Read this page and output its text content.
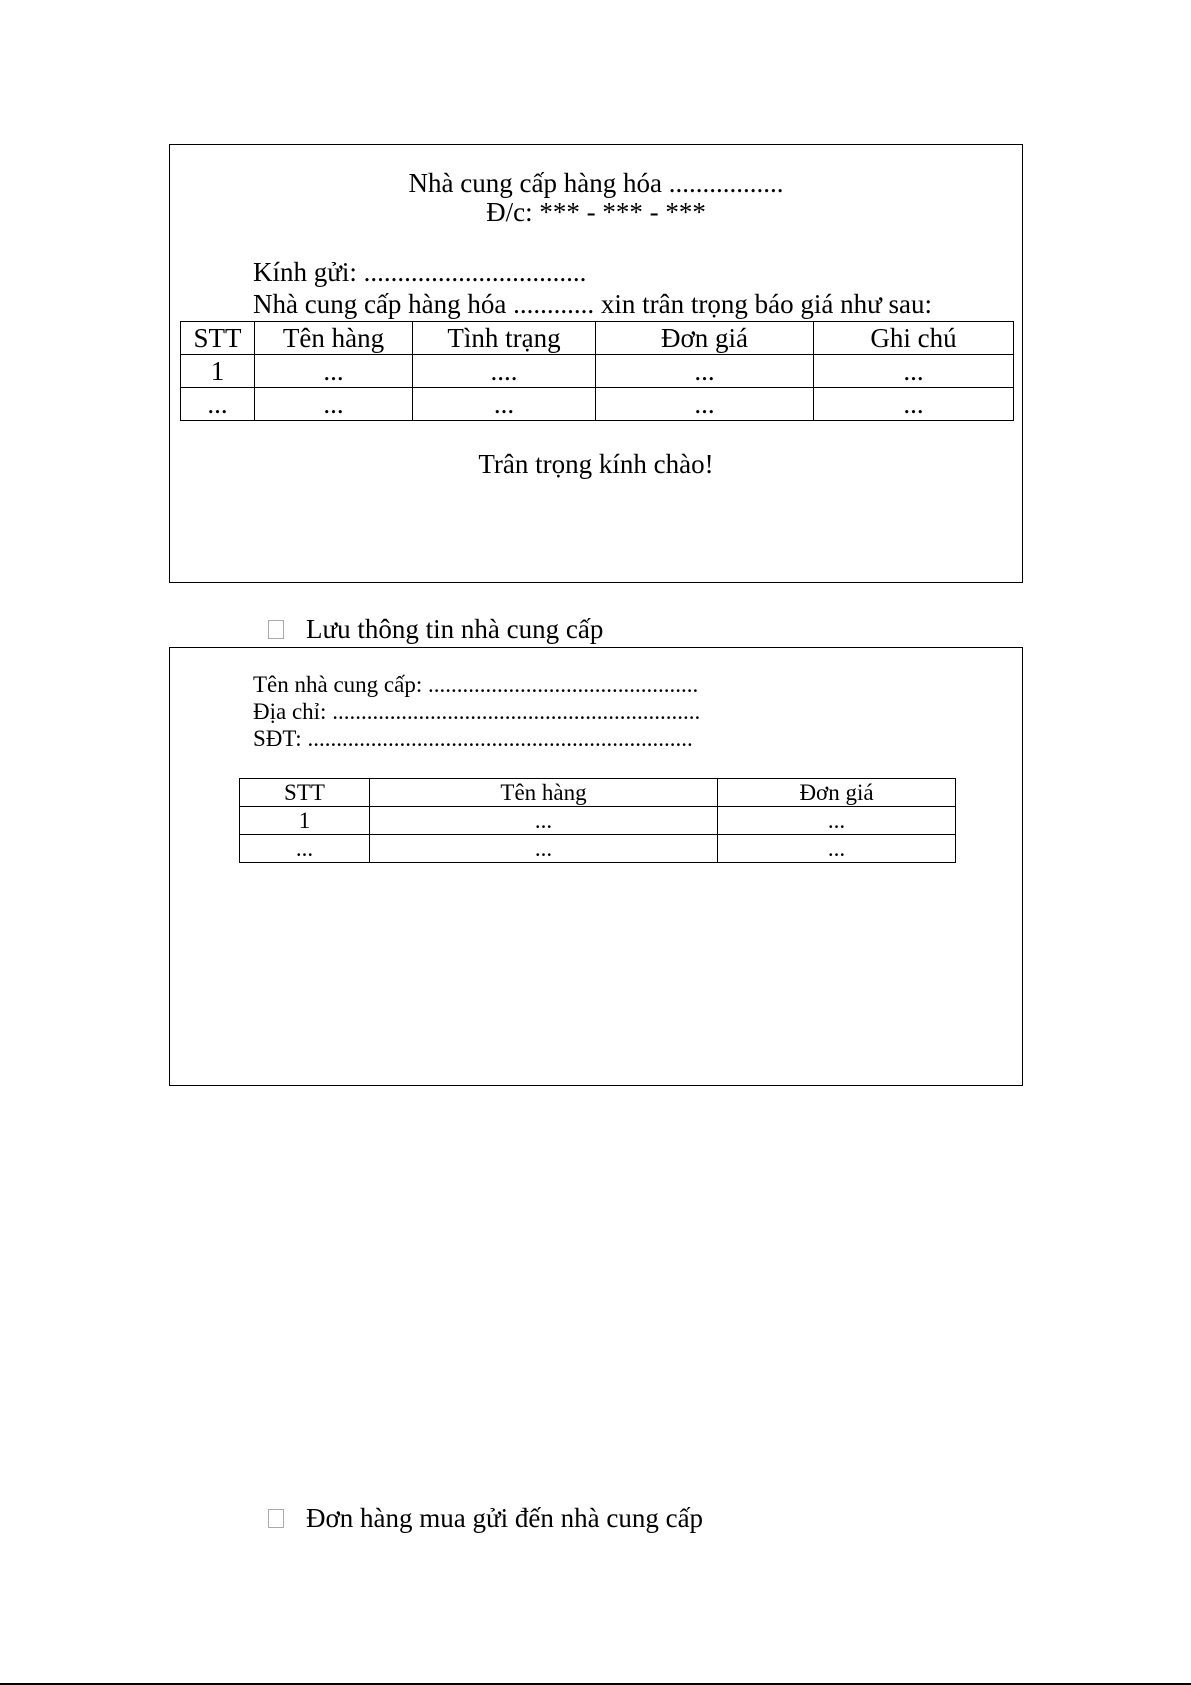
Nhà cung cấp hàng hóa .................
Đ/c: *** - *** - ***
Kính gửi: .................................
Nhà cung cấp hàng hóa ............ xin trân trọng báo giá như sau:
STT	Tên hàng	Tình trạng	Đơn giá	Ghi chú
1	...	....	...	...
...	...	...	...	...
Trân trọng kính chào!
Lưu thông tin nhà cung cấp
Tên nhà cung cấp: ...............................................
Địa chỉ: ................................................................
SĐT: ...................................................................
STT	Tên hàng	Đơn giá
1	...	...
...	...	...
Đơn hàng mua gửi đến nhà cung cấp
